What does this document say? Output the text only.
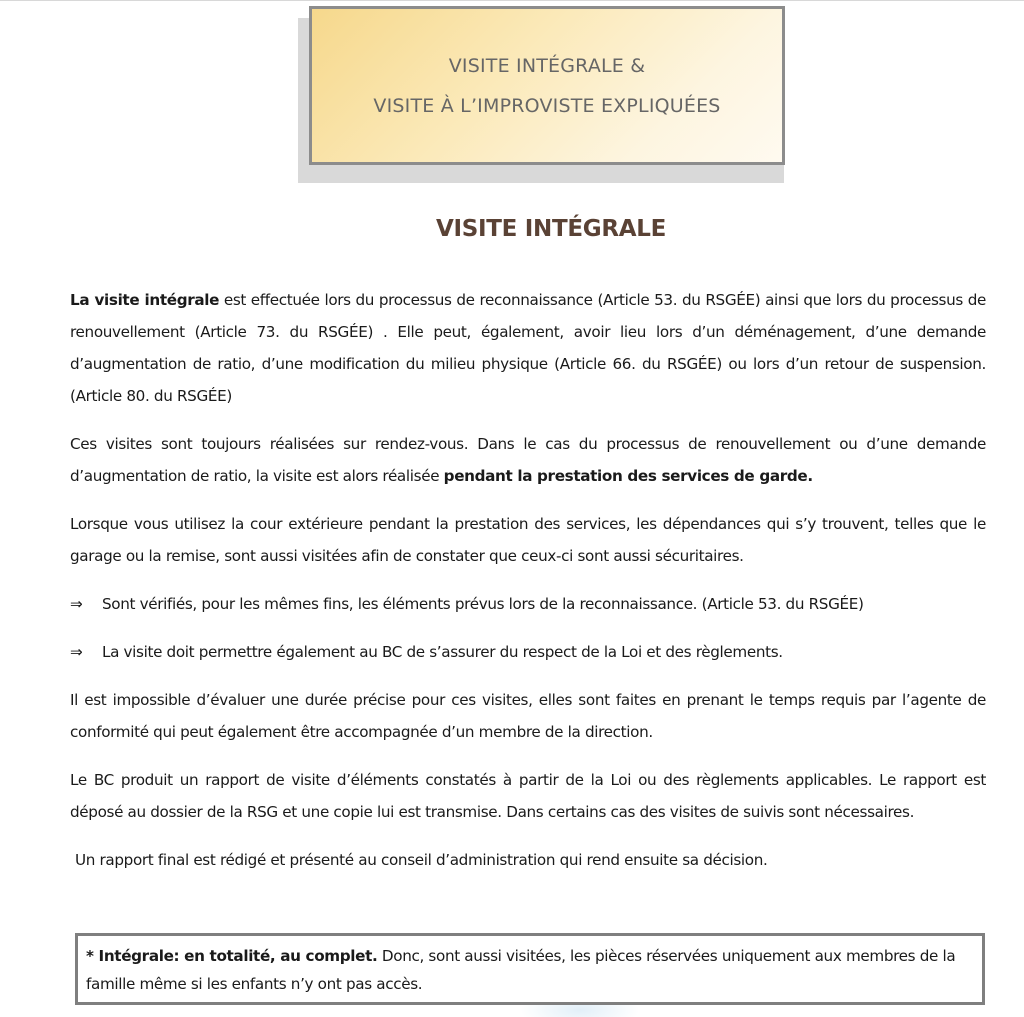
VISITE INTÉGRALE &
VISITE À L’IMPROVISTE EXPLIQUÉES
VISITE INTÉGRALE

La visite intégrale est effectuée lors du processus de reconnaissance (Article 53. du RSGÉE) ainsi que lors du processus de renouvellement (Article 73. du RSGÉE) . Elle peut, également, avoir lieu lors d’un déménagement, d’une demande d’augmentation de ratio, d’une modification du milieu physique (Article 66. du RSGÉE) ou lors d’un retour de suspension. (Article 80. du RSGÉE)

Ces visites sont toujours réalisées sur rendez-vous. Dans le cas du processus de renouvellement ou d’une demande d’augmentation de ratio, la visite est alors réalisée pendant la prestation des services de garde.

Lorsque vous utilisez la cour extérieure pendant la prestation des services, les dépendances qui s’y trouvent, telles que le garage ou la remise, sont aussi visitées afin de constater que ceux-ci sont aussi sécuritaires.

⇒ Sont vérifiés, pour les mêmes fins, les éléments prévus lors de la reconnaissance. (Article 53. du RSGÉE)

⇒ La visite doit permettre également au BC de s’assurer du respect de la Loi et des règlements.

Il est impossible d’évaluer une durée précise pour ces visites, elles sont faites en prenant le temps requis par l’agente de conformité qui peut également être accompagnée d’un membre de la direction.

Le BC produit un rapport de visite d’éléments constatés à partir de la Loi ou des règlements applicables. Le rapport est déposé au dossier de la RSG et une copie lui est transmise. Dans certains cas des visites de suivis sont nécessaires.

Un rapport final est rédigé et présenté au conseil d’administration qui rend ensuite sa décision.

* Intégrale: en totalité, au complet. Donc, sont aussi visitées, les pièces réservées uniquement aux membres de la famille même si les enfants n’y ont pas accès.
